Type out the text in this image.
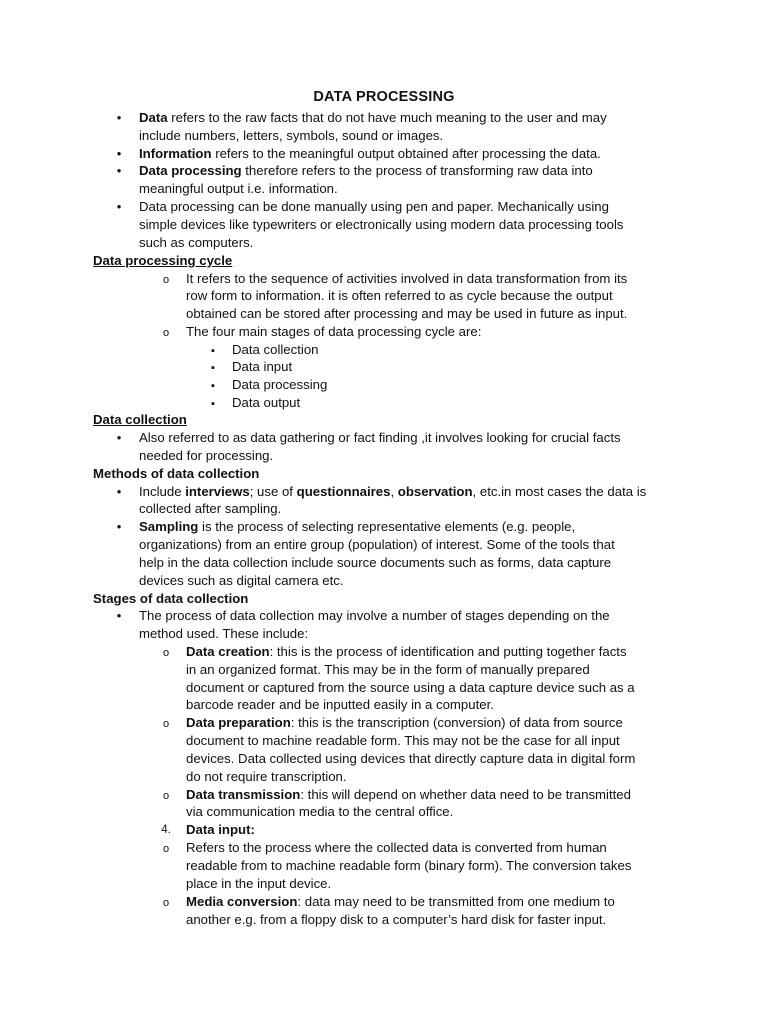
DATA PROCESSING
•
Data refers to the raw facts that do not have much meaning to the user and may
include numbers, letters, symbols, sound or images.
•
Information refers to the meaningful output obtained after processing the data.
•
Data processing therefore refers to the process of transforming raw data into
meaningful output i.e. information.
•
Data processing can be done manually using pen and paper. Mechanically using
simple devices like typewriters or electronically using modern data processing tools
such as computers.
Data processing cycle
o
It refers to the sequence of activities involved in data transformation from its
row form to information. it is often referred to as cycle because the output
obtained can be stored after processing and may be used in future as input.
o
The four main stages of data processing cycle are:
▪
Data collection
▪
Data input
▪
Data processing
▪
Data output
Data collection
•
Also referred to as data gathering or fact finding ,it involves looking for crucial facts
needed for processing.
Methods of data collection
•
Include interviews; use of questionnaires, observation, etc.in most cases the data is
collected after sampling.
•
Sampling is the process of selecting representative elements (e.g. people,
organizations) from an entire group (population) of interest. Some of the tools that
help in the data collection include source documents such as forms, data capture
devices such as digital camera etc.
Stages of data collection
•
The process of data collection may involve a number of stages depending on the
method used. These include:
o
Data creation: this is the process of identification and putting together facts
in an organized format. This may be in the form of manually prepared
document or captured from the source using a data capture device such as a
barcode reader and be inputted easily in a computer.
o
Data preparation: this is the transcription (conversion) of data from source
document to machine readable form. This may not be the case for all input
devices. Data collected using devices that directly capture data in digital form
do not require transcription.
o
Data transmission: this will depend on whether data need to be transmitted
via communication media to the central office.
4. Data input:
o
Refers to the process where the collected data is converted from human
readable from to machine readable form (binary form). The conversion takes
place in the input device.
o
Media conversion: data may need to be transmitted from one medium to
another e.g. from a floppy disk to a computer’s hard disk for faster input.
